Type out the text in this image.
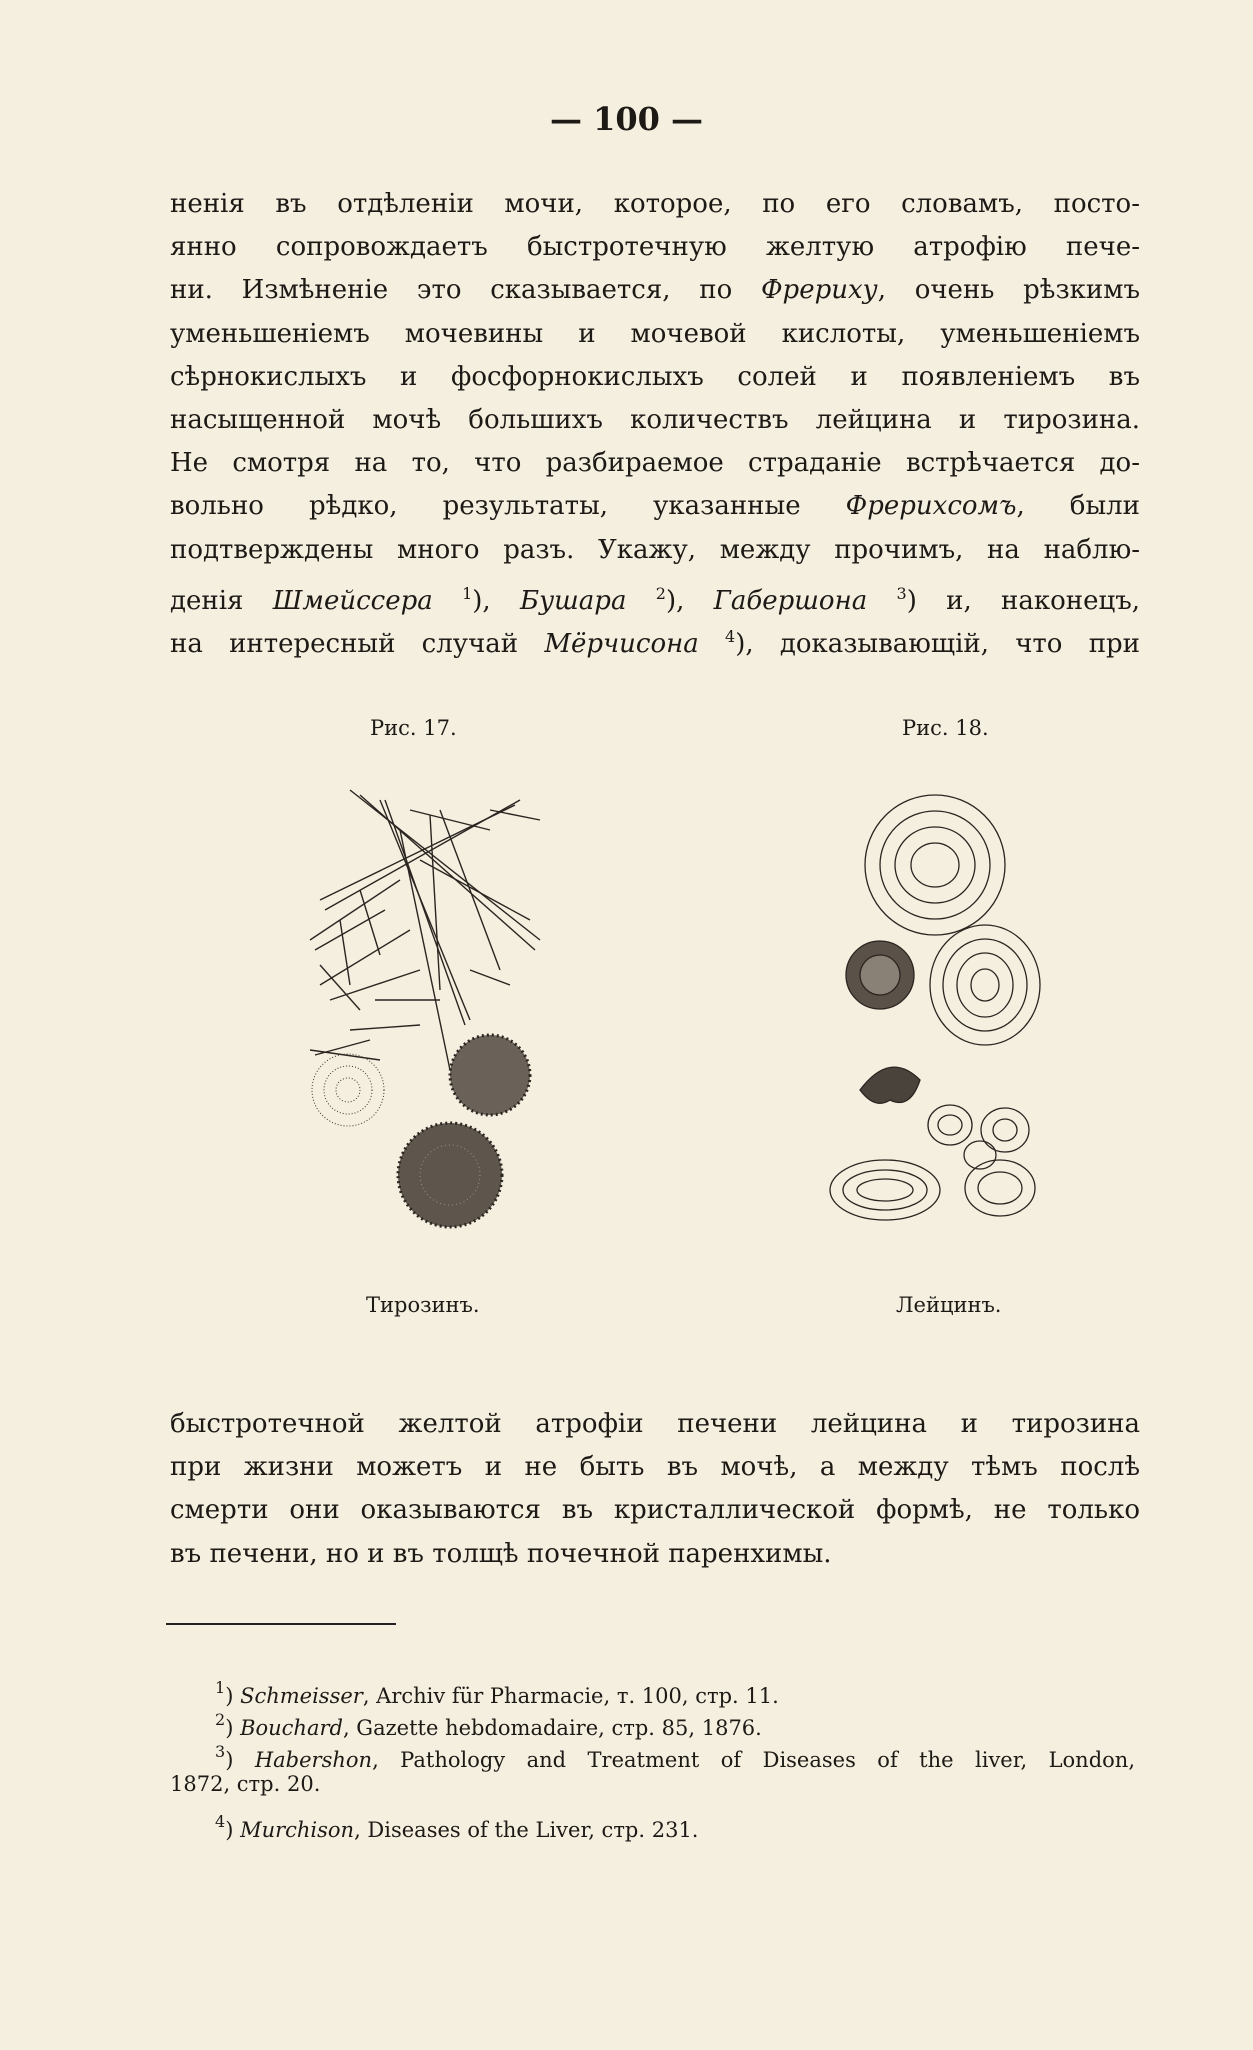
— 100 —
ненія въ отдѣленіи мочи, которое, по его словамъ, посто-
янно сопровождаетъ быстротечную желтую атрофію пече-
ни. Измѣненіе это сказывается, по Фрериху, очень рѣзкимъ
уменьшеніемъ мочевины и мочевой кислоты, уменьшеніемъ
сѣрнокислыхъ и фосфорнокислыхъ солей и появленіемъ въ
насыщенной мочѣ большихъ количествъ лейцина и тирозина.
Не смотря на то, что разбираемое страданіе встрѣчается до-
вольно рѣдко, результаты, указанные Фрерихсомъ, были
подтверждены много разъ. Укажу, между прочимъ, на наблю-
денія Шмейссера $^1$), Бушара $^2$), Габершона $^3$) и, наконецъ,
на интересный случай Мёрчисона $^4$), доказывающій, что при
Рис. 17.	Рис. 18.
Тирозинъ.	Лейцинъ.
быстротечной желтой атрофіи печени лейцина и тирозина
при жизни можетъ и не быть въ мочѣ, а между тѣмъ послѣ
смерти они оказываются въ кристаллической формѣ, не только
въ печени, но и въ толщѣ почечной паренхимы.
$^1$) Schmeisser, Archiv für Pharmacie, т. 100, стр. 11.
$^2$) Bouchard, Gazette hebdomadaire, стр. 85, 1876.
$^3$) Habershon, Pathology and Treatment of Diseases of the liver, London,
1872, стр. 20.
$^4$) Murchison, Diseases of the Liver, стр. 231.
